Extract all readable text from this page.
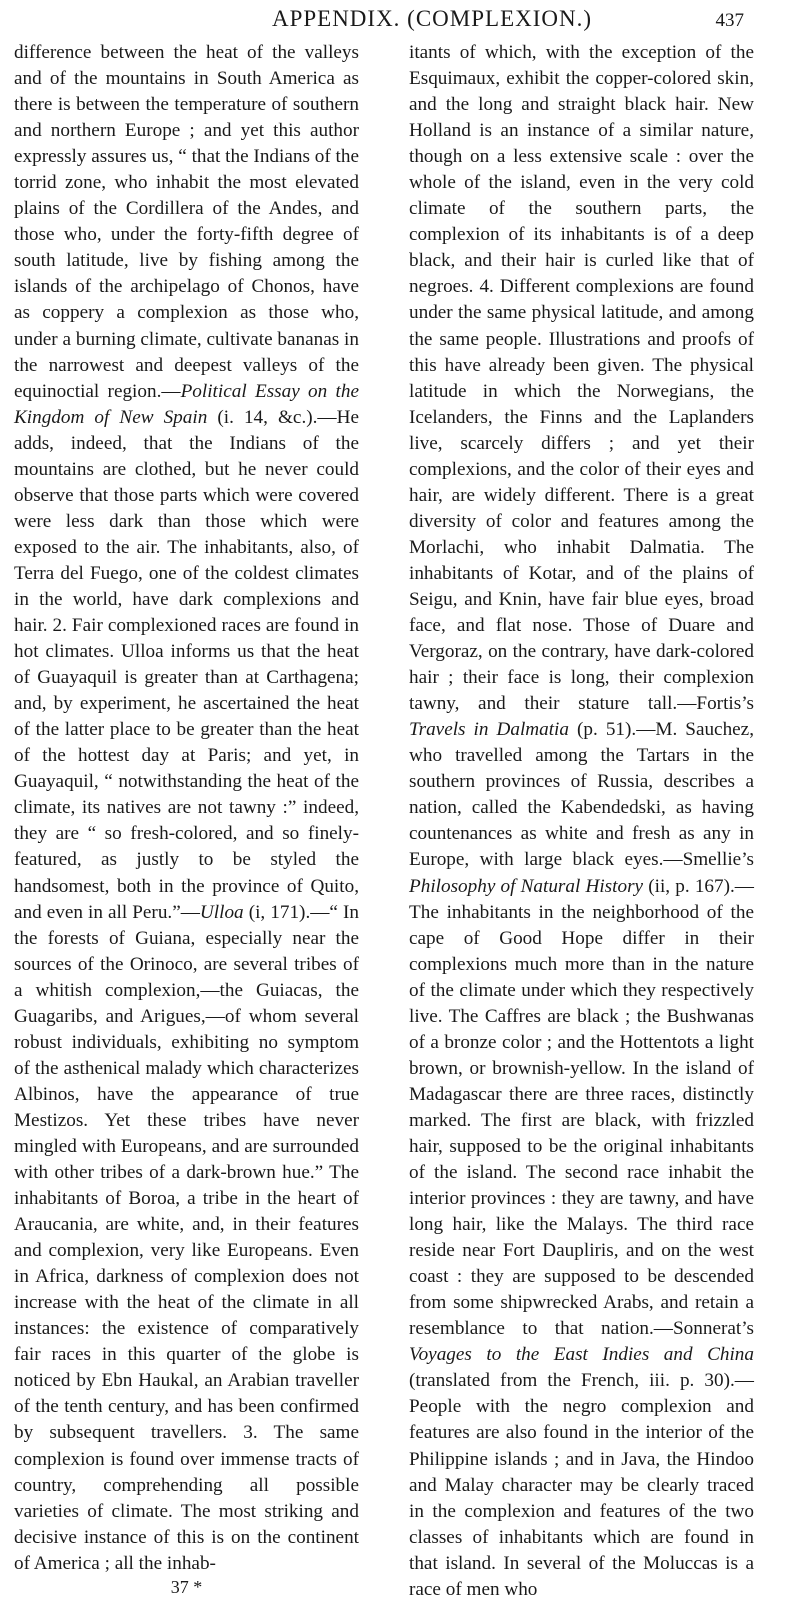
APPENDIX. (COMPLEXION.)	437

difference between the heat of the valleys and of the mountains in South America as there is between the temperature of southern and northern Europe ; and yet this author expressly assures us, “ that the Indians of the torrid zone, who inhabit the most elevated plains of the Cordillera of the Andes, and those who, under the forty-fifth degree of south latitude, live by fishing among the islands of the archipelago of Chonos, have as coppery a complexion as those who, under a burning climate, cultivate bananas in the narrowest and deepest valleys of the equinoctial region.—Political Essay on the Kingdom of New Spain (i. 14, &c.).—He adds, indeed, that the Indians of the mountains are clothed, but he never could observe that those parts which were covered were less dark than those which were exposed to the air. The inhabitants, also, of Terra del Fuego, one of the coldest climates in the world, have dark complexions and hair. 2. Fair complexioned races are found in hot climates. Ulloa informs us that the heat of Guayaquil is greater than at Carthagena; and, by experiment, he ascertained the heat of the latter place to be greater than the heat of the hottest day at Paris; and yet, in Guayaquil, “ notwithstanding the heat of the climate, its natives are not tawny :” indeed, they are “ so fresh-colored, and so finely-featured, as justly to be styled the handsomest, both in the province of Quito, and even in all Peru.”—Ulloa (i, 171).—“ In the forests of Guiana, especially near the sources of the Orinoco, are several tribes of a whitish complexion,—the Guiacas, the Guagaribs, and Arigues,—of whom several robust individuals, exhibiting no symptom of the asthenical malady which characterizes Albinos, have the appearance of true Mestizos. Yet these tribes have never mingled with Europeans, and are surrounded with other tribes of a dark-brown hue.” The inhabitants of Boroa, a tribe in the heart of Araucania, are white, and, in their features and complexion, very like Europeans. Even in Africa, darkness of complexion does not increase with the heat of the climate in all instances: the existence of comparatively fair races in this quarter of the globe is noticed by Ebn Haukal, an Arabian traveller of the tenth century, and has been confirmed by subsequent travellers. 3. The same complexion is found over immense tracts of country, comprehending all possible varieties of climate. The most striking and decisive instance of this is on the continent of America ; all the inhab-

37 *

itants of which, with the exception of the Esquimaux, exhibit the copper-colored skin, and the long and straight black hair. New Holland is an instance of a similar nature, though on a less extensive scale : over the whole of the island, even in the very cold climate of the southern parts, the complexion of its inhabitants is of a deep black, and their hair is curled like that of negroes. 4. Different complexions are found under the same physical latitude, and among the same people. Illustrations and proofs of this have already been given. The physical latitude in which the Norwegians, the Icelanders, the Finns and the Laplanders live, scarcely differs ; and yet their complexions, and the color of their eyes and hair, are widely different. There is a great diversity of color and features among the Morlachi, who inhabit Dalmatia. The inhabitants of Kotar, and of the plains of Seigu, and Knin, have fair blue eyes, broad face, and flat nose. Those of Duare and Vergoraz, on the contrary, have dark-colored hair ; their face is long, their complexion tawny, and their stature tall.—Fortis’s Travels in Dalmatia (p. 51).—M. Sauchez, who travelled among the Tartars in the southern provinces of Russia, describes a nation, called the Kabendedski, as having countenances as white and fresh as any in Europe, with large black eyes.—Smellie’s Philosophy of Natural History (ii, p. 167).—The inhabitants in the neighborhood of the cape of Good Hope differ in their complexions much more than in the nature of the climate under which they respectively live. The Caffres are black ; the Bushwanas of a bronze color ; and the Hottentots a light brown, or brownish-yellow. In the island of Madagascar there are three races, distinctly marked. The first are black, with frizzled hair, supposed to be the original inhabitants of the island. The second race inhabit the interior provinces : they are tawny, and have long hair, like the Malays. The third race reside near Fort Daupliris, and on the west coast : they are supposed to be descended from some shipwrecked Arabs, and retain a resemblance to that nation.—Sonnerat’s Voyages to the East Indies and China (translated from the French, iii. p. 30).—People with the negro complexion and features are also found in the interior of the Philippine islands ; and in Java, the Hindoo and Malay character may be clearly traced in the complexion and features of the two classes of inhabitants which are found in that island. In several of the Moluccas is a race of men who
